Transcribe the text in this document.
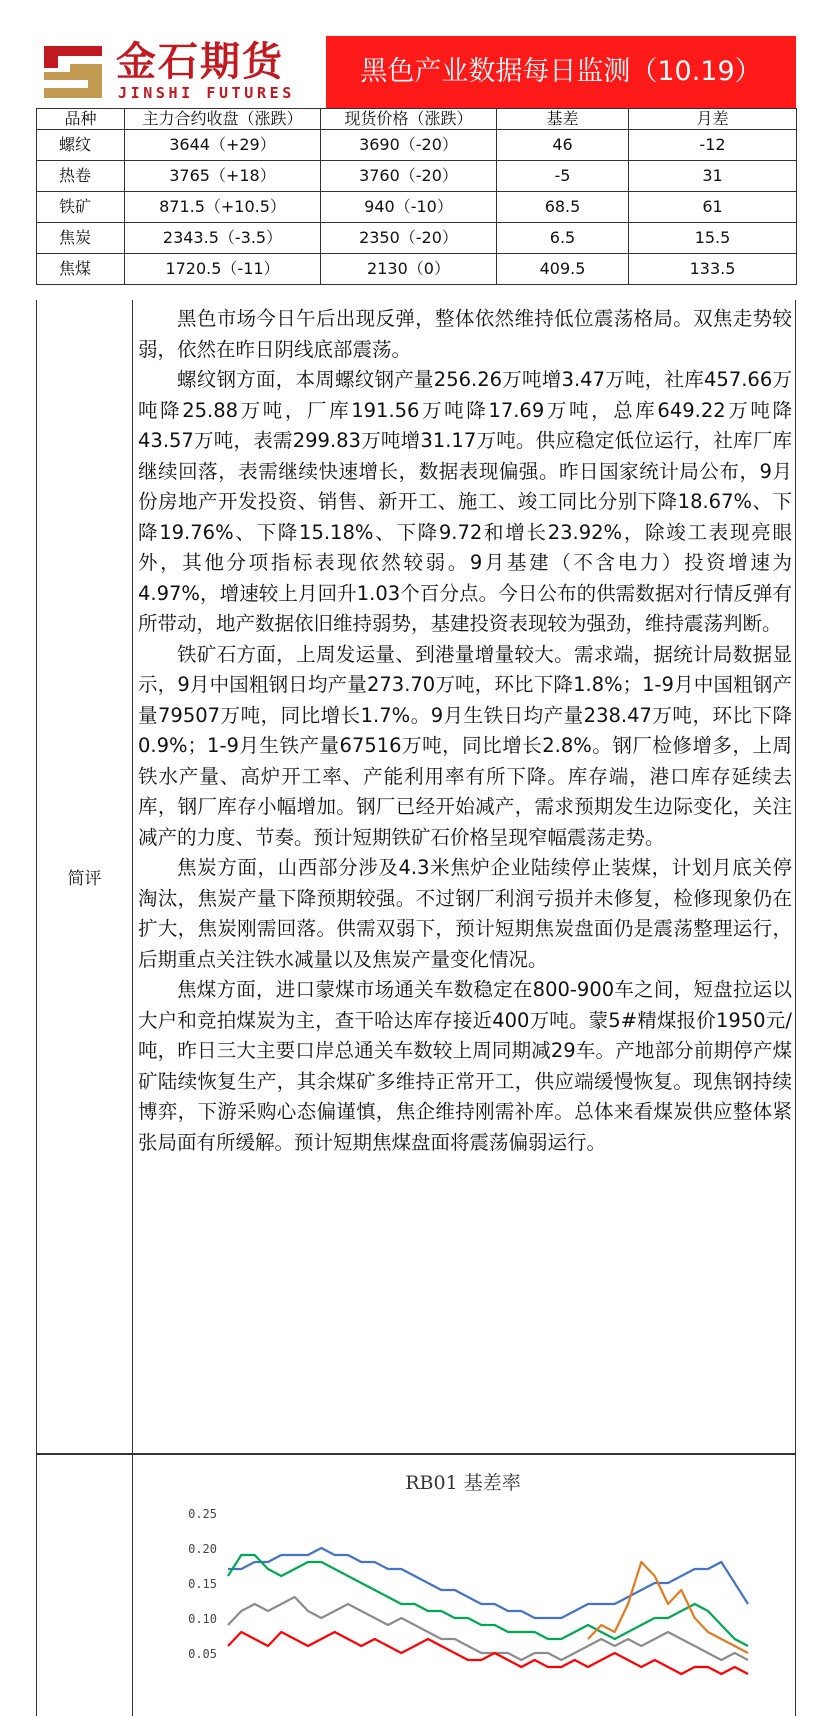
金石期货
JINSHI FUTURES
黑色产业数据每日监测（10.19）
品种	主力合约收盘（涨跌）	现货价格（涨跌）	基差	月差
螺纹	3644（+29）	3690（-20）	46	-12
热卷	3765（+18）	3760（-20）	-5	31
铁矿	871.5（+10.5）	940（-10）	68.5	61
焦炭	2343.5（-3.5）	2350（-20）	6.5	15.5
焦煤	1720.5（-11）	2130（0）	409.5	133.5
简评

黑色市场今日午后出现反弹，整体依然维持低位震荡格局。双焦走势较弱，依然在昨日阴线底部震荡。

螺纹钢方面，本周螺纹钢产量256.26万吨增3.47万吨，社库457.66万吨降25.88万吨，厂库191.56万吨降17.69万吨，总库649.22万吨降43.57万吨，表需299.83万吨增31.17万吨。供应稳定低位运行，社库厂库继续回落，表需继续快速增长，数据表现偏强。昨日国家统计局公布，9月份房地产开发投资、销售、新开工、施工、竣工同比分别下降18.67%、下降19.76%、下降15.18%、下降9.72和增长23.92%，除竣工表现亮眼外，其他分项指标表现依然较弱。9月基建（不含电力）投资增速为4.97%，增速较上月回升1.03个百分点。今日公布的供需数据对行情反弹有所带动，地产数据依旧维持弱势，基建投资表现较为强劲，维持震荡判断。

铁矿石方面，上周发运量、到港量增量较大。需求端，据统计局数据显示，9月中国粗钢日均产量273.70万吨，环比下降1.8%；1-9月中国粗钢产量79507万吨，同比增长1.7%。9月生铁日均产量238.47万吨，环比下降0.9%；1-9月生铁产量67516万吨，同比增长2.8%。钢厂检修增多，上周铁水产量、高炉开工率、产能利用率有所下降。库存端，港口库存延续去库，钢厂库存小幅增加。钢厂已经开始减产，需求预期发生边际变化，关注减产的力度、节奏。预计短期铁矿石价格呈现窄幅震荡走势。

焦炭方面，山西部分涉及4.3米焦炉企业陆续停止装煤，计划月底关停淘汰，焦炭产量下降预期较强。不过钢厂利润亏损并未修复，检修现象仍在扩大，焦炭刚需回落。供需双弱下，预计短期焦炭盘面仍是震荡整理运行，后期重点关注铁水减量以及焦炭产量变化情况。

焦煤方面，进口蒙煤市场通关车数稳定在800-900车之间，短盘拉运以大户和竞拍煤炭为主，查干哈达库存接近400万吨。蒙5#精煤报价1950元/吨，昨日三大主要口岸总通关车数较上周同期减29车。产地部分前期停产煤矿陆续恢复生产，其余煤矿多维持正常开工，供应端缓慢恢复。现焦钢持续博弈，下游采购心态偏谨慎，焦企维持刚需补库。总体来看煤炭供应整体紧张局面有所缓解。预计短期焦煤盘面将震荡偏弱运行。

RB01 基差率
0.25
0.20
0.15
0.10
0.05
